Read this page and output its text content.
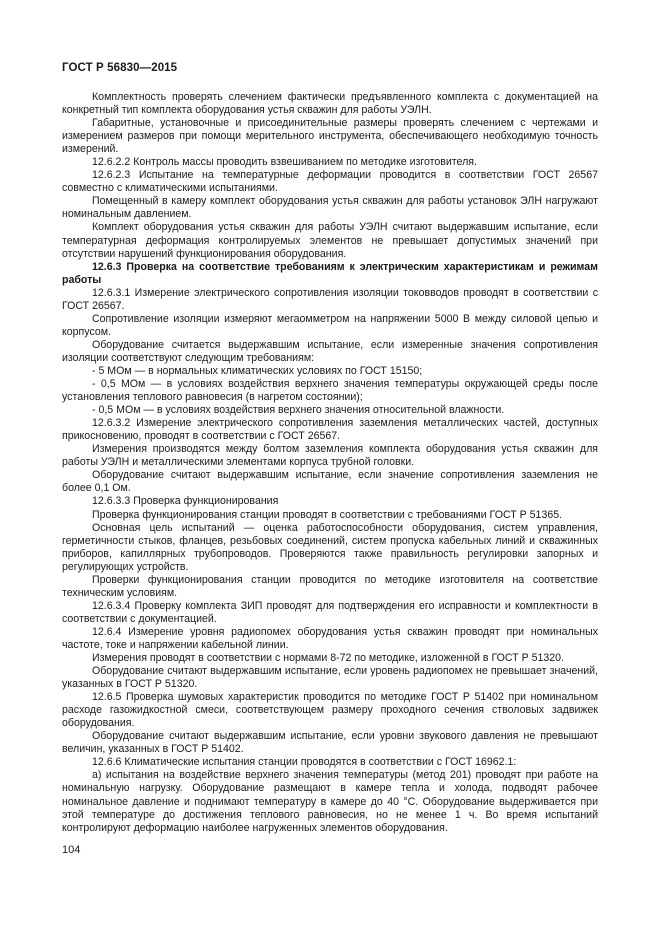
ГОСТ Р 56830—2015

Комплектность проверять слечением фактически предъявленного комплекта с документацией на конкретный тип комплекта оборудования устья скважин для работы УЭЛН.

Габаритные, установочные и присоединительные размеры проверять слечением с чертежами и измерением размеров при помощи мерительного инструмента, обеспечивающего необходимую точность измерений.

12.6.2.2 Контроль массы проводить взвешиванием по методике изготовителя.

12.6.2.3 Испытание на температурные деформации проводится в соответствии ГОСТ 26567 совместно с климатическими испытаниями.

Помещенный в камеру комплект оборудования устья скважин для работы установок ЭЛН нагружают номинальным давлением.

Комплект оборудования устья скважин для работы УЭЛН считают выдержавшим испытание, если температурная деформация контролируемых элементов не превышает допустимых значений при отсутствии нарушений функционирования оборудования.

12.6.3 Проверка на соответствие требованиям к электрическим характеристикам и режимам работы

12.6.3.1 Измерение электрического сопротивления изоляции токовводов проводят в соответствии с ГОСТ 26567.

Сопротивление изоляции измеряют мегаомметром на напряжении 5000 В между силовой цепью и корпусом.

Оборудование считается выдержавшим испытание, если измеренные значения сопротивления изоляции соответствуют следующим требованиям:

- 5 МОм — в нормальных климатических условиях по ГОСТ 15150;

- 0,5 МОм — в условиях воздействия верхнего значения температуры окружающей среды после установления теплового равновесия (в нагретом состоянии);

- 0,5 МОм — в условиях воздействия верхнего значения относительной влажности.

12.6.3.2 Измерение электрического сопротивления заземления металлических частей, доступных прикосновению, проводят в соответствии с ГОСТ 26567.

Измерения производятся между болтом заземления комплекта оборудования устья скважин для работы УЭЛН и металлическими элементами корпуса трубной головки.

Оборудование считают выдержавшим испытание, если значение сопротивления заземления не более 0,1 Ом.

12.6.3.3 Проверка функционирования

Проверка функционирования станции проводят в соответствии с требованиями ГОСТ Р 51365.

Основная цель испытаний — оценка работоспособности оборудования, систем управления, герметичности стыков, фланцев, резьбовых соединений, систем пропуска кабельных линий и скважинных приборов, капиллярных трубопроводов. Проверяются также правильность регулировки запорных и регулирующих устройств.

Проверки функционирования станции проводится по методике изготовителя на соответствие техническим условиям.

12.6.3.4 Проверку комплекта ЗИП проводят для подтверждения его исправности и комплектности в соответствии с документацией.

12.6.4 Измерение уровня радиопомех оборудования устья скважин проводят при номинальных частоте, токе и напряжении кабельной линии.

Измерения проводят в соответствии с нормами 8-72 по методике, изложенной в ГОСТ Р 51320.

Оборудование считают выдержавшим испытание, если уровень радиопомех не превышает значений, указанных в ГОСТ Р 51320.

12.6.5 Проверка шумовых характеристик проводится по методике ГОСТ Р 51402 при номинальном расходе газожидкостной смеси, соответствующем размеру проходного сечения стволовых задвижек оборудования.

Оборудование считают выдержавшим испытание, если уровни звукового давления не превышают величин, указанных в ГОСТ Р 51402.

12.6.6 Климатические испытания станции проводятся в соответствии с ГОСТ 16962.1:

а) испытания на воздействие верхнего значения температуры (метод 201) проводят при работе на номинальную нагрузку. Оборудование размещают в камере тепла и холода, подводят рабочее номинальное давление и поднимают температуру в камере до 40 °С. Оборудование выдерживается при этой температуре до достижения теплового равновесия, но не менее 1 ч. Во время испытаний контролируют деформацию наиболее нагруженных элементов оборудования.

104
